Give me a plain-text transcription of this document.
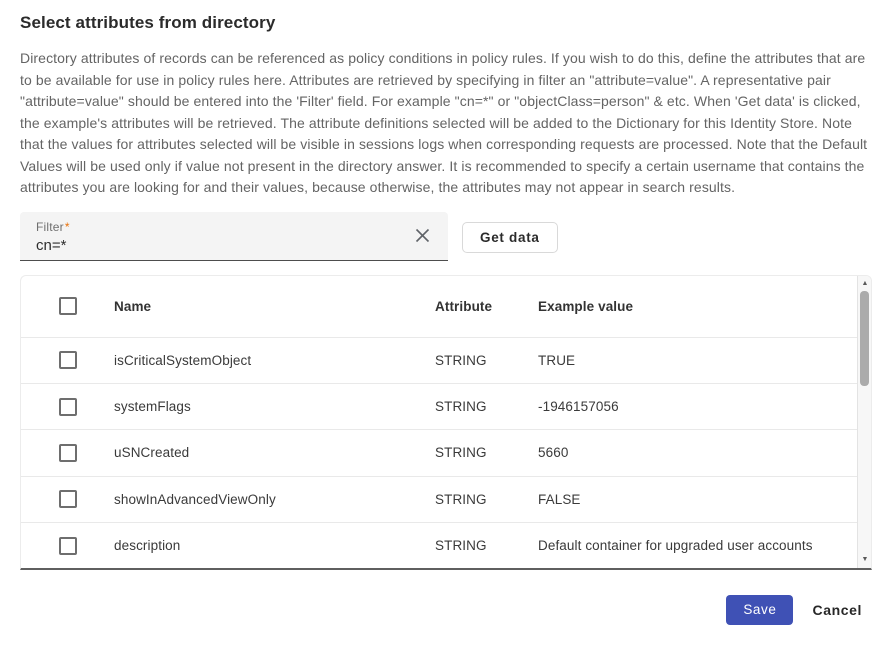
Select attributes from directory
Directory attributes of records can be referenced as policy conditions in policy rules. If you wish to do this, define the attributes that are to be available for use in policy rules here. Attributes are retrieved by specifying in filter an "attribute=value". A representative pair "attribute=value" should be entered into the 'Filter' field. For example "cn=*" or "objectClass=person" & etc. When 'Get data' is clicked, the example's attributes will be retrieved. The attribute definitions selected will be added to the Dictionary for this Identity Store. Note that the values for attributes selected will be visible in sessions logs when corresponding requests are processed. Note that the Default Values will be used only if value not present in the directory answer. It is recommended to specify a certain username that contains the attributes you are looking for and their values, because otherwise, the attributes may not appear in search results.
Filter*
cn=*	Get data
Name	Attribute	Example value
isCriticalSystemObject	STRING	TRUE
systemFlags	STRING	-1946157056
uSNCreated	STRING	5660
showInAdvancedViewOnly	STRING	FALSE
description	STRING	Default container for upgraded user accounts
▲
▼
Save	Cancel
